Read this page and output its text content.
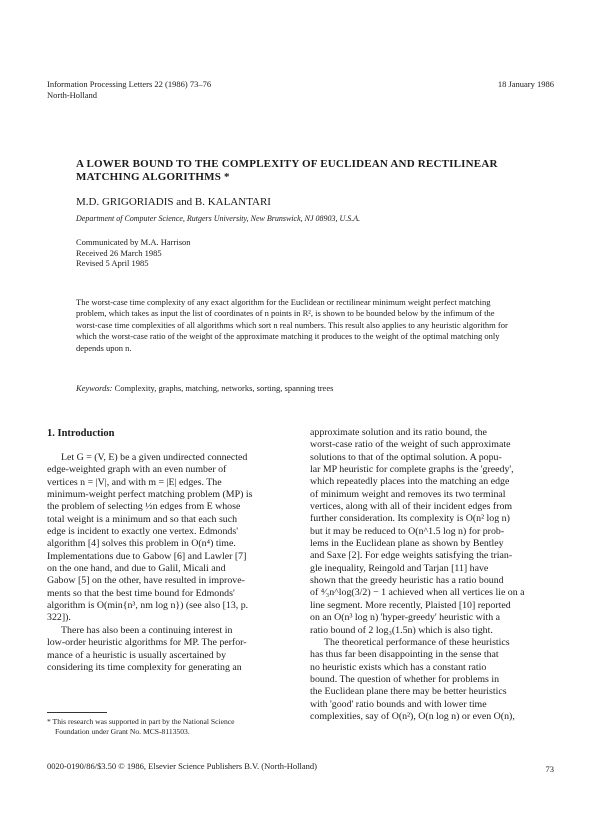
Information Processing Letters 22 (1986) 73–76
North-Holland
18 January 1986
A LOWER BOUND TO THE COMPLEXITY OF EUCLIDEAN AND RECTILINEAR
MATCHING ALGORITHMS *
M.D. GRIGORIADIS and B. KALANTARI
Department of Computer Science, Rutgers University, New Brunswick, NJ 08903, U.S.A.
Communicated by M.A. Harrison
Received 26 March 1985
Revised 5 April 1985
The worst-case time complexity of any exact algorithm for the Euclidean or rectilinear minimum weight perfect matching
problem, which takes as input the list of coordinates of n points in R², is shown to be bounded below by the infimum of the
worst-case time complexities of all algorithms which sort n real numbers. This result also applies to any heuristic algorithm for
which the worst-case ratio of the weight of the approximate matching it produces to the weight of the optimal matching only
depends upon n.
Keywords: Complexity, graphs, matching, networks, sorting, spanning trees
1. Introduction
Let G = (V, E) be a given undirected connected
edge-weighted graph with an even number of
vertices n = |V|, and with m = |E| edges. The
minimum-weight perfect matching problem (MP) is
the problem of selecting ½n edges from E whose
total weight is a minimum and so that each such
edge is incident to exactly one vertex. Edmonds'
algorithm [4] solves this problem in O(n⁴) time.
Implementations due to Gabow [6] and Lawler [7]
on the one hand, and due to Galil, Micali and
Gabow [5] on the other, have resulted in improve-
ments so that the best time bound for Edmonds'
algorithm is O(min{n³, nm log n}) (see also [13, p.
322]).
There has also been a continuing interest in
low-order heuristic algorithms for MP. The perfor-
mance of a heuristic is usually ascertained by
considering its time complexity for generating an
approximate solution and its ratio bound, the
worst-case ratio of the weight of such approximate
solutions to that of the optimal solution. A popu-
lar MP heuristic for complete graphs is the 'greedy',
which repeatedly places into the matching an edge
of minimum weight and removes its two terminal
vertices, along with all of their incident edges from
further consideration. Its complexity is O(n² log n)
but it may be reduced to O(n^1.5 log n) for prob-
lems in the Euclidean plane as shown by Bentley
and Saxe [2]. For edge weights satisfying the trian-
gle inequality, Reingold and Tarjan [11] have
shown that the greedy heuristic has a ratio bound
of ⁴⁄₃n^log(3/2) − 1 achieved when all vertices lie on a
line segment. More recently, Plaisted [10] reported
on an O(n³ log n) 'hyper-greedy' heuristic with a
ratio bound of 2 log₃(1.5n) which is also tight.
The theoretical performance of these heuristics
has thus far been disappointing in the sense that
no heuristic exists which has a constant ratio
bound. The question of whether for problems in
the Euclidean plane there may be better heuristics
with 'good' ratio bounds and with lower time
complexities, say of O(n²), O(n log n) or even O(n),
* This research was supported in part by the National Science
Foundation under Grant No. MCS-8113503.
0020-0190/86/$3.50 © 1986, Elsevier Science Publishers B.V. (North-Holland)	73
